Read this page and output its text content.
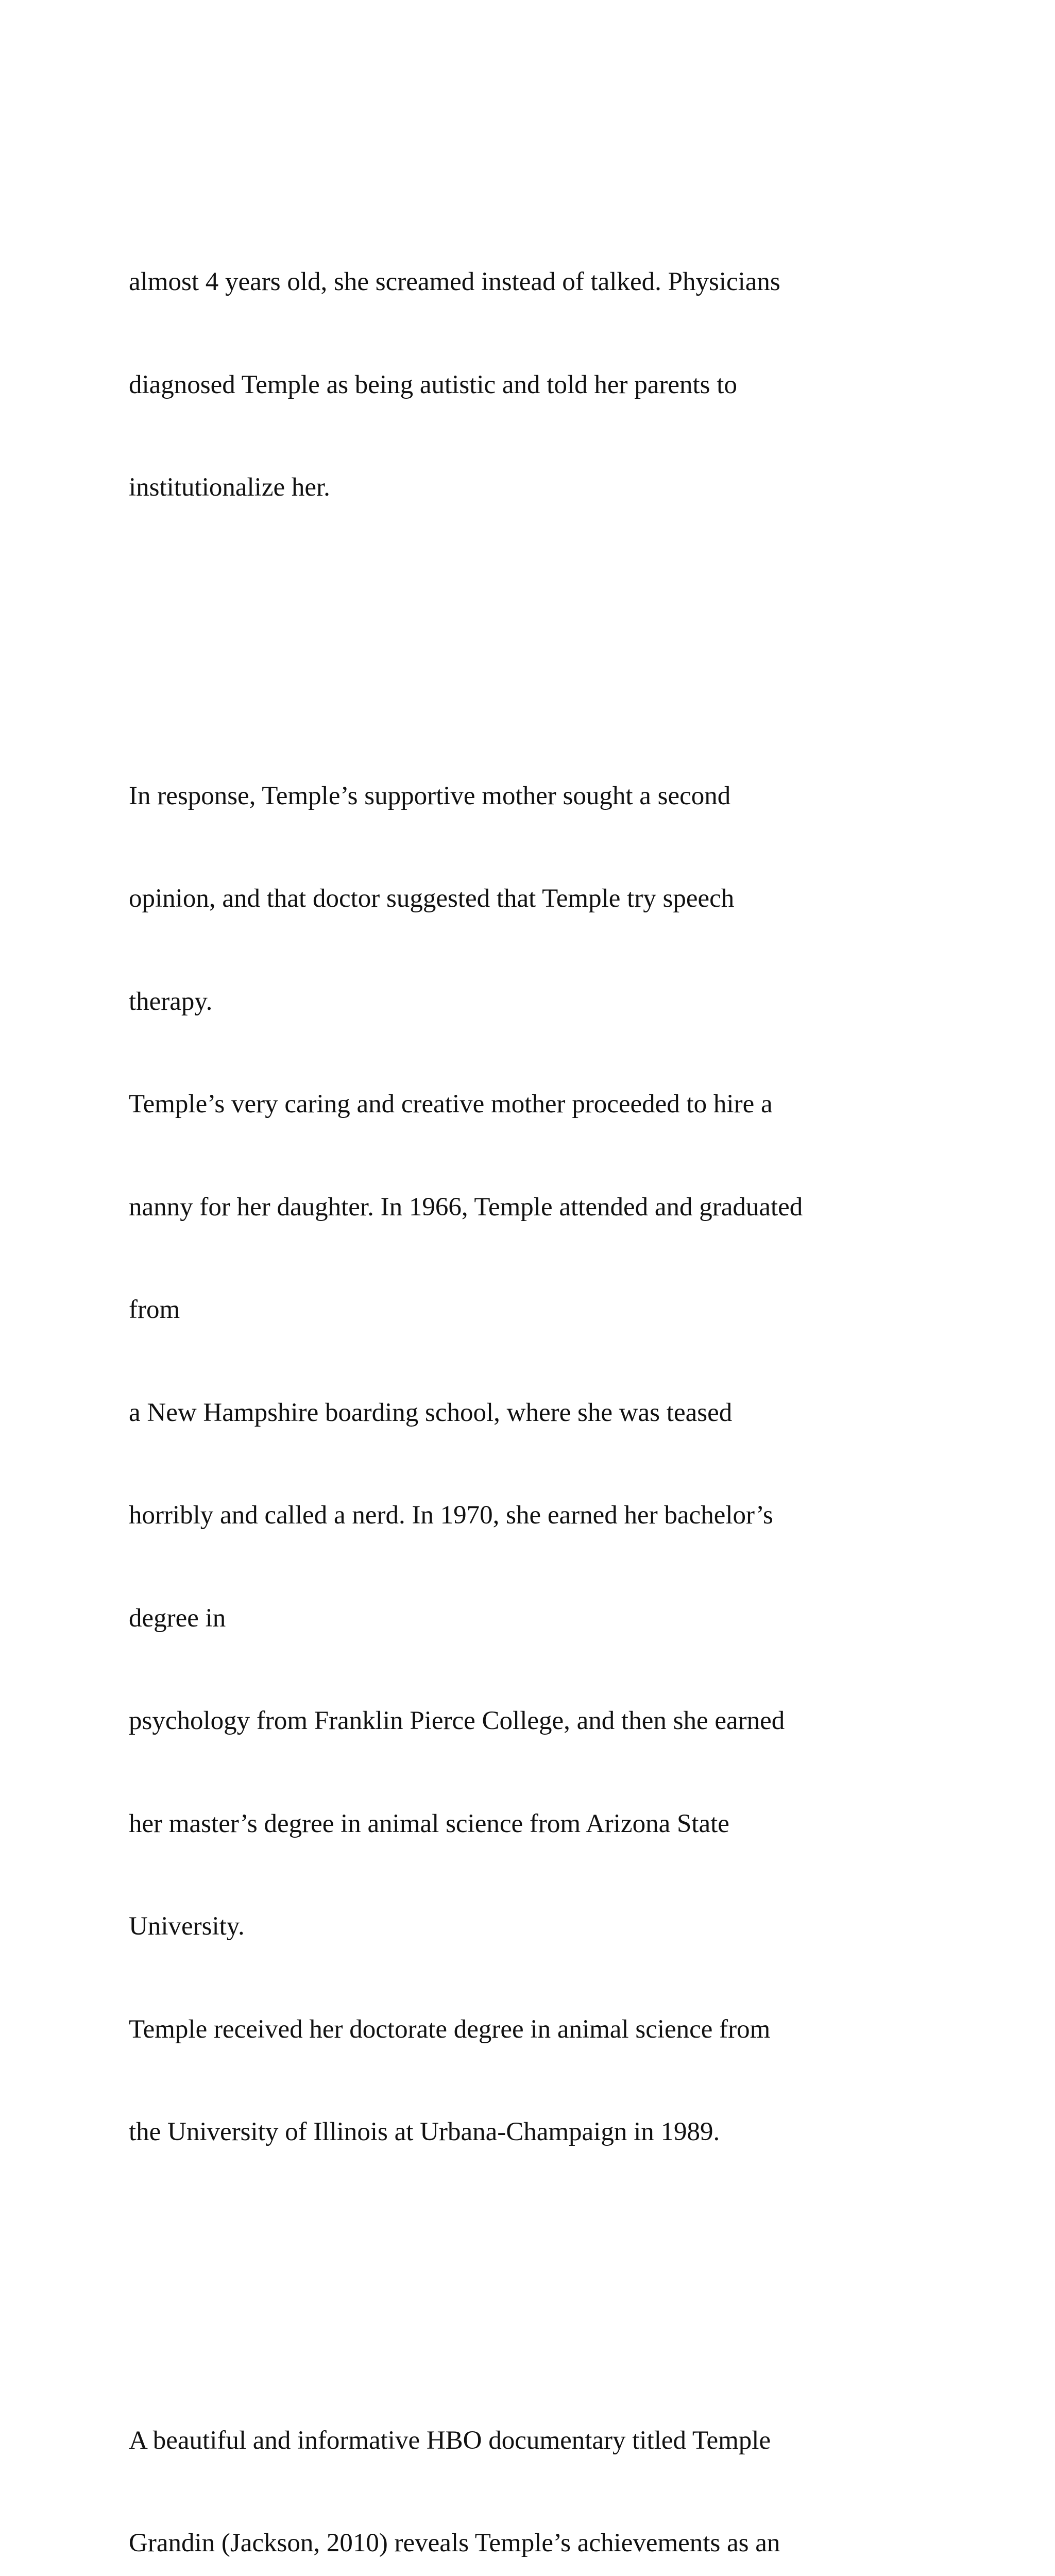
almost 4 years old, she screamed instead of talked. Physicians

diagnosed Temple as being autistic and told her parents to

institutionalize her.

In response, Temple’s supportive mother sought a second

opinion, and that doctor suggested that Temple try speech

therapy.

Temple’s very caring and creative mother proceeded to hire a

nanny for her daughter. In 1966, Temple attended and graduated

from

a New Hampshire boarding school, where she was teased

horribly and called a nerd. In 1970, she earned her bachelor’s

degree in

psychology from Franklin Pierce College, and then she earned

her master’s degree in animal science from Arizona State

University.

Temple received her doctorate degree in animal science from

the University of Illinois at Urbana-Champaign in 1989.

A beautiful and informative HBO documentary titled Temple

Grandin (Jackson, 2010) reveals Temple’s achievements as an
